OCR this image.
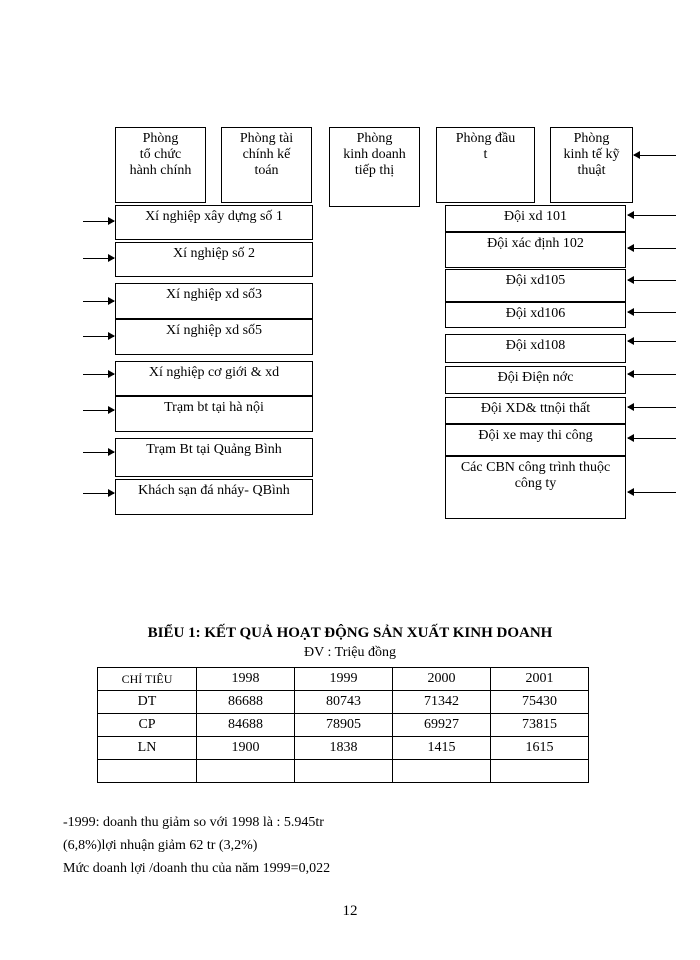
Phòng
tổ chức
hành chính
Phòng tài
chính kế
toán
Phòng
kinh doanh
tiếp thị
Phòng đầu
t
Phòng
kinh tế kỹ
thuật
Xí nghiệp xây dựng số 1
Xí nghiệp số 2
Xí nghiệp xd số3
Xí nghiệp xd số5
Xí nghiệp cơ giới & xd
Trạm bt tại hà nội
Trạm Bt tại Quảng Bình
Khách sạn đá nháy- QBình
Đội xd 101
Đội xác định 102
Đội xd105
Đội xd106
Đội xd108
Đội Điện nớc
Đội XD& ttnội thất
Đội xe may thi công
Các CBN công trình thuộc công ty
BIỂU 1: KẾT QUẢ HOẠT ĐỘNG SẢN XUẤT KINH DOANH
ĐV : Triệu đồng
CHỈ TIÊU	1998	1999	2000	2001
DT	86688	80743	71342	75430
CP	84688	78905	69927	73815
LN	1900	1838	1415	1615

-1999: doanh thu giảm so với 1998 là : 5.945tr
(6,8%)lợi nhuận giảm 62 tr (3,2%)
Mức doanh lợi /doanh thu của năm 1999=0,022
12
